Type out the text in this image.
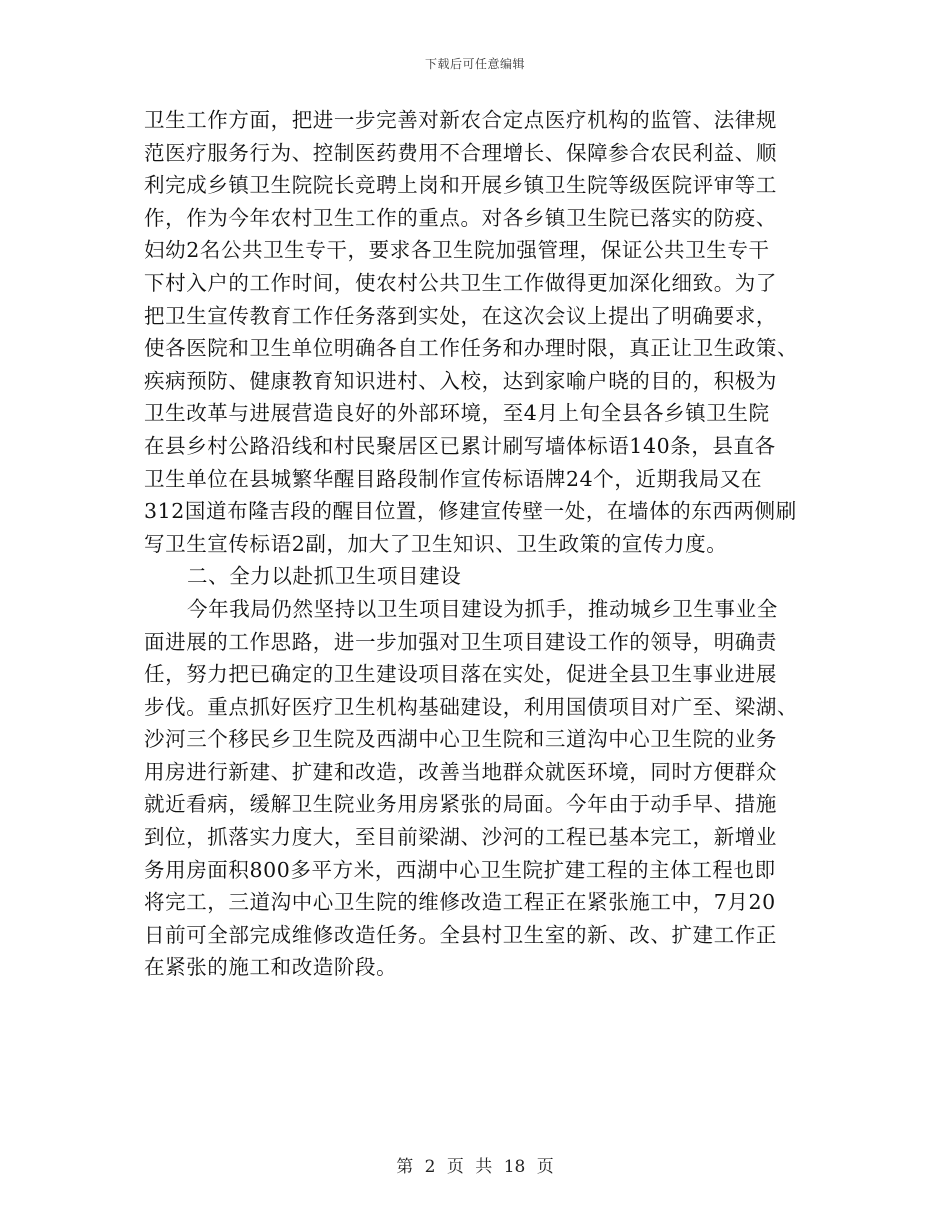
下载后可任意编辑
卫生工作方面，把进一步完善对新农合定点医疗机构的监管、法律规
范医疗服务行为、控制医药费用不合理增长、保障参合农民利益、顺
利完成乡镇卫生院院长竞聘上岗和开展乡镇卫生院等级医院评审等工
作，作为今年农村卫生工作的重点。对各乡镇卫生院已落实的防疫、
妇幼2名公共卫生专干，要求各卫生院加强管理，保证公共卫生专干
下村入户的工作时间，使农村公共卫生工作做得更加深化细致。为了
把卫生宣传教育工作任务落到实处，在这次会议上提出了明确要求，
使各医院和卫生单位明确各自工作任务和办理时限，真正让卫生政策、
疾病预防、健康教育知识进村、入校，达到家喻户晓的目的，积极为
卫生改革与进展营造良好的外部环境，至4月上旬全县各乡镇卫生院
在县乡村公路沿线和村民聚居区已累计刷写墙体标语140条，县直各
卫生单位在县城繁华醒目路段制作宣传标语牌24个，近期我局又在
312国道布隆吉段的醒目位置，修建宣传壁一处，在墙体的东西两侧刷
写卫生宣传标语2副，加大了卫生知识、卫生政策的宣传力度。
二、全力以赴抓卫生项目建设
今年我局仍然坚持以卫生项目建设为抓手，推动城乡卫生事业全
面进展的工作思路，进一步加强对卫生项目建设工作的领导，明确责
任，努力把已确定的卫生建设项目落在实处，促进全县卫生事业进展
步伐。重点抓好医疗卫生机构基础建设，利用国债项目对广至、梁湖、
沙河三个移民乡卫生院及西湖中心卫生院和三道沟中心卫生院的业务
用房进行新建、扩建和改造，改善当地群众就医环境，同时方便群众
就近看病，缓解卫生院业务用房紧张的局面。今年由于动手早、措施
到位，抓落实力度大，至目前梁湖、沙河的工程已基本完工，新增业
务用房面积800多平方米，西湖中心卫生院扩建工程的主体工程也即
将完工，三道沟中心卫生院的维修改造工程正在紧张施工中，7月20
日前可全部完成维修改造任务。全县村卫生室的新、改、扩建工作正
在紧张的施工和改造阶段。
第 2 页 共 18 页
